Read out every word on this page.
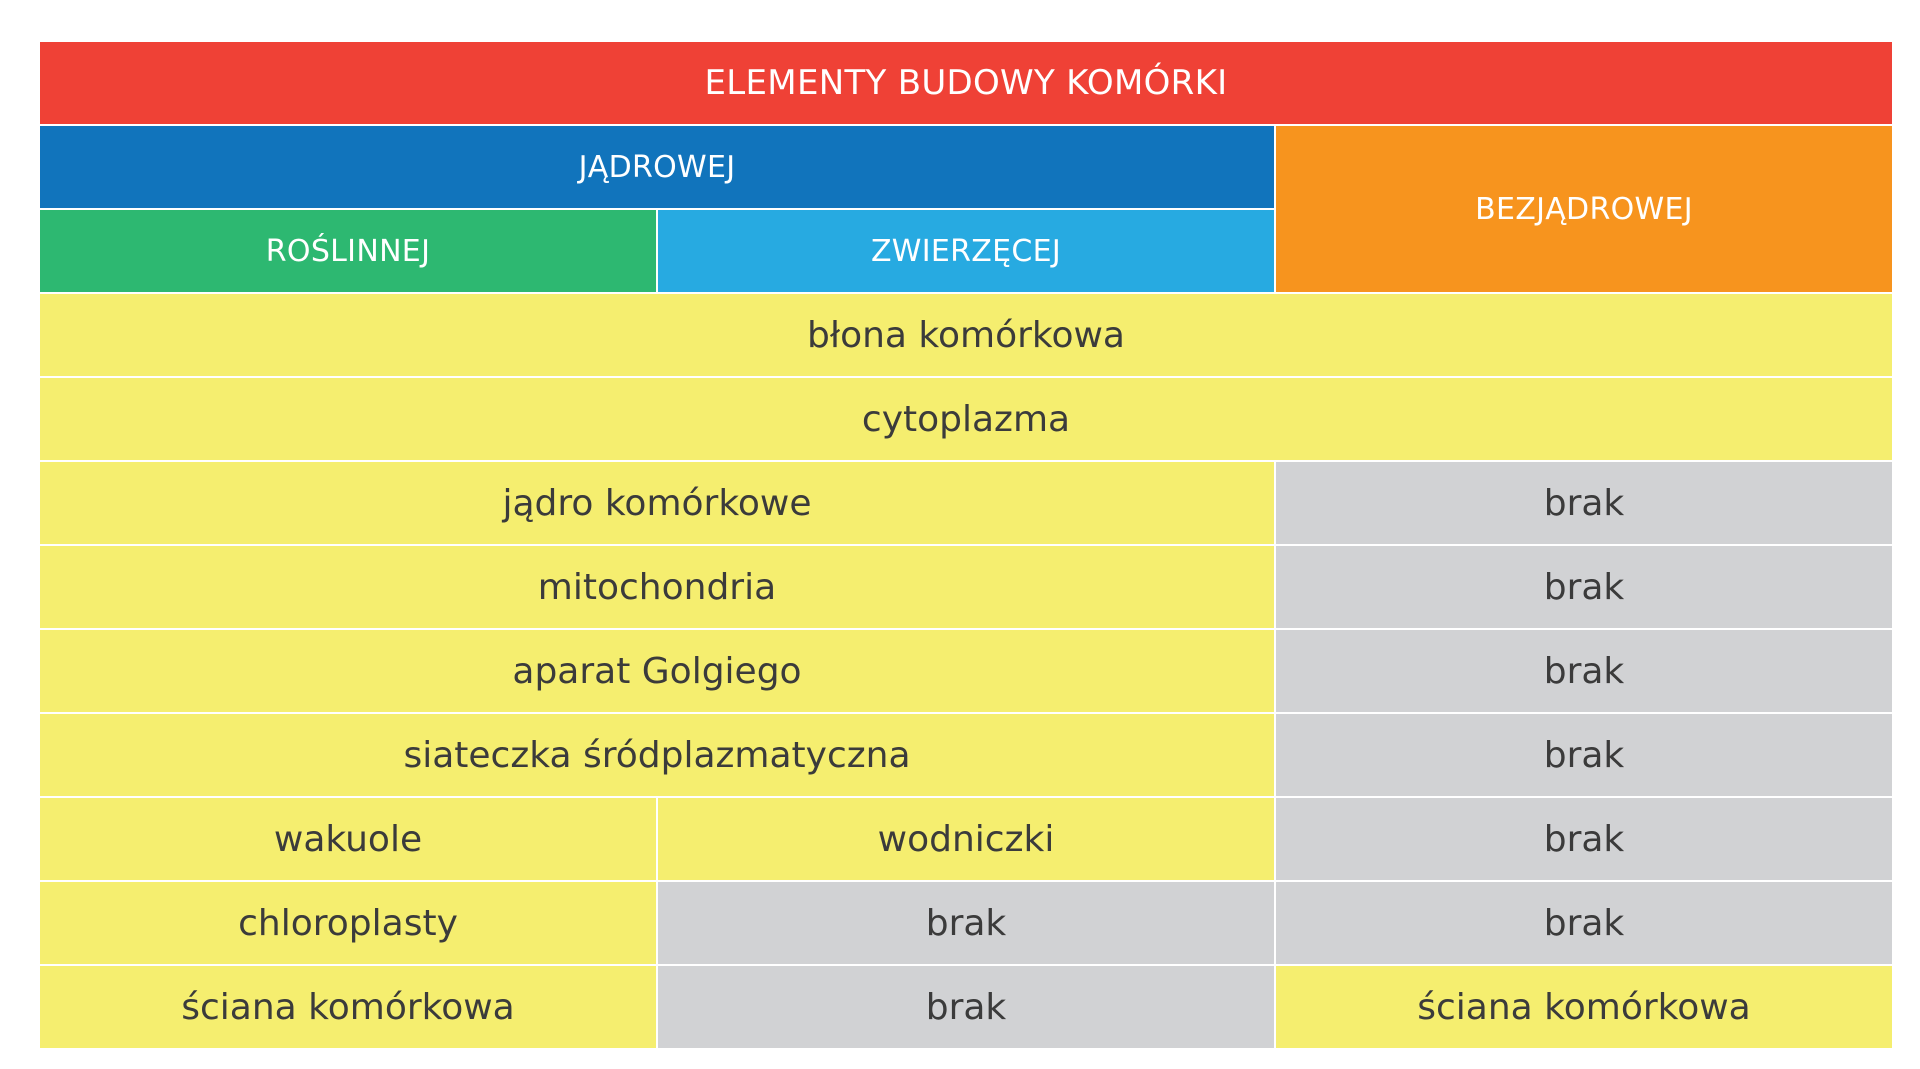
ELEMENTY BUDOWY KOMÓRKI
JĄDROWEJ
BEZJĄDROWEJ
ROŚLINNEJ	ZWIERZĘCEJ
błona komórkowa
cytoplazma
jądro komórkowe	brak
mitochondria	brak
aparat Golgiego	brak
siateczka śródplazmatyczna	brak
wakuole	wodniczki	brak
chloroplasty	brak	brak
ściana komórkowa	brak	ściana komórkowa
